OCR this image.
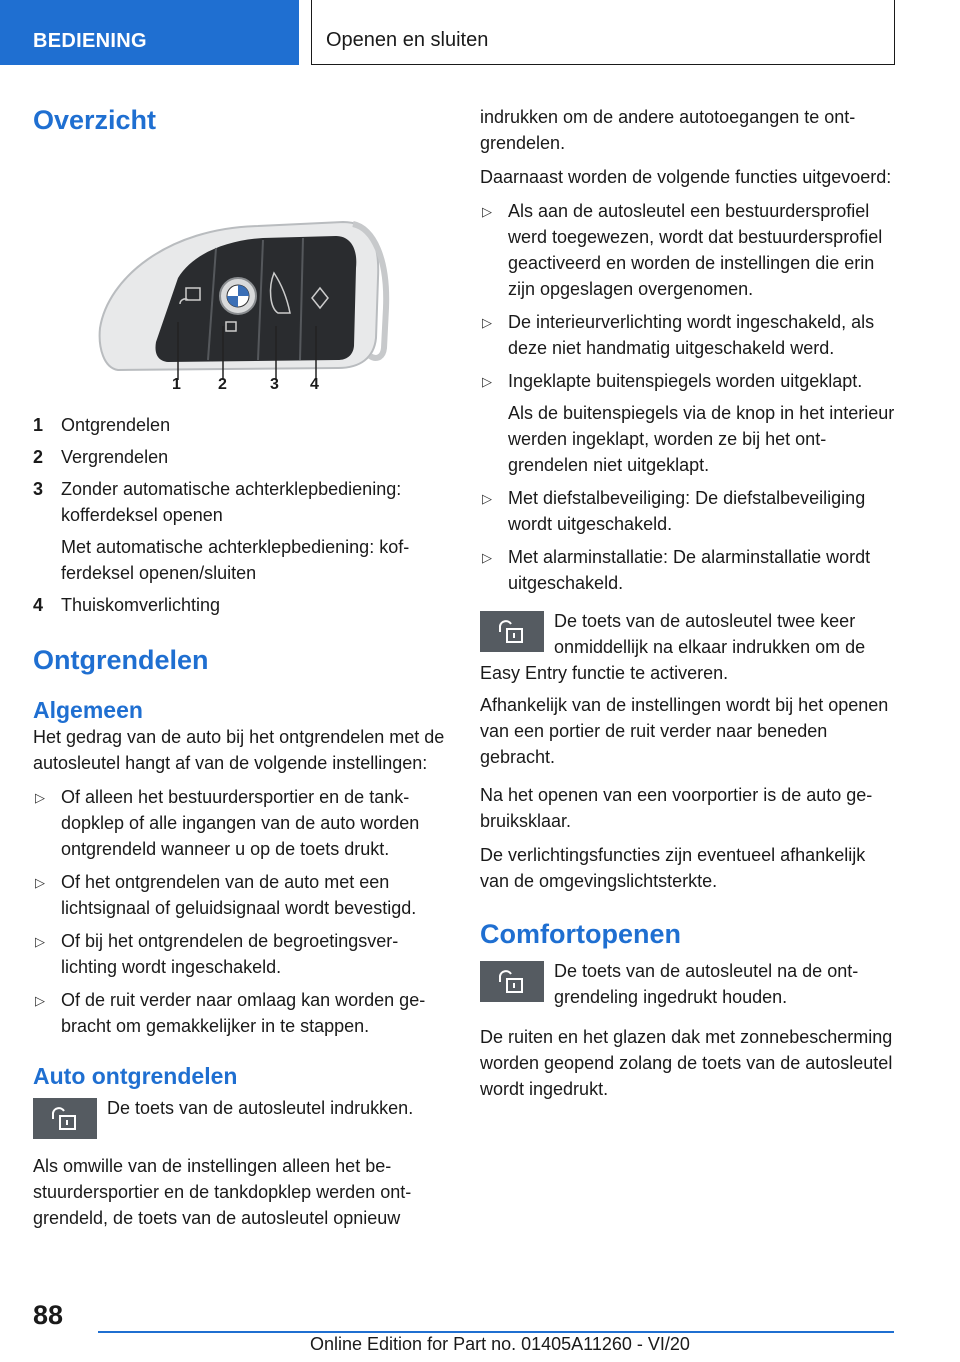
BEDIENING	Openen en sluiten
Overzicht
1 2	3 4
1 Ontgrendelen

2 Vergrendelen

3 Zonder automatische achterklepbediening: kofferdeksel openen

Met automatische achterklepbediening: kofferdeksel openen/sluiten

4 Thuiskomverlichting

Ontgrendelen
Algemeen

Het gedrag van de auto bij het ontgrendelen met de autosleutel hangt af van de volgende instellingen:

▷ Of alleen het bestuurdersportier en de tankdopklep of alle ingangen van de auto worden ontgrendeld wanneer u op de toets drukt.
▷ Of het ontgrendelen van de auto met een lichtsignaal of geluidsignaal wordt bevestigd.
▷ Of bij het ontgrendelen de begroetingsverlichting wordt ingeschakeld.
▷ Of de ruit verder naar omlaag kan worden gebracht om gemakkelijker in te stappen.
Auto ontgrendelen
De toets van de autosleutel indrukken.

Als omwille van de instellingen alleen het bestuurdersportier en de tankdopklep werden ontgrendeld, de toets van de autosleutel opnieuw

indrukken om de andere autotoegangen te ontgrendelen.

Daarnaast worden de volgende functies uitgevoerd:

▷ Als aan de autosleutel een bestuurdersprofiel werd toegewezen, wordt dat bestuurdersprofiel geactiveerd en worden de instellingen die erin zijn opgeslagen overgenomen.
▷ De interieurverlichting wordt ingeschakeld, als deze niet handmatig uitgeschakeld werd.
▷ Ingeklapte buitenspiegels worden uitgeklapt.

Als de buitenspiegels via de knop in het interieur werden ingeklapt, worden ze bij het ontgrendelen niet uitgeklapt.

▷ Met diefstalbeveiliging: De diefstalbeveiliging wordt uitgeschakeld.
▷ Met alarminstallatie: De alarminstallatie wordt uitgeschakeld.
De toets van de autosleutel twee keer onmiddellijk na elkaar indrukken om de Easy Entry functie te activeren.

Afhankelijk van de instellingen wordt bij het openen van een portier de ruit verder naar beneden gebracht.

Na het openen van een voorportier is de auto gebruiksklaar.

De verlichtingsfuncties zijn eventueel afhankelijk van de omgevingslichtsterkte.

Comfortopenen
De toets van de autosleutel na de ontgrendeling ingedrukt houden.

De ruiten en het glazen dak met zonnebescherming worden geopend zolang de toets van de autosleutel wordt ingedrukt.

88
Online Edition for Part no. 01405A11260 - VI/20
